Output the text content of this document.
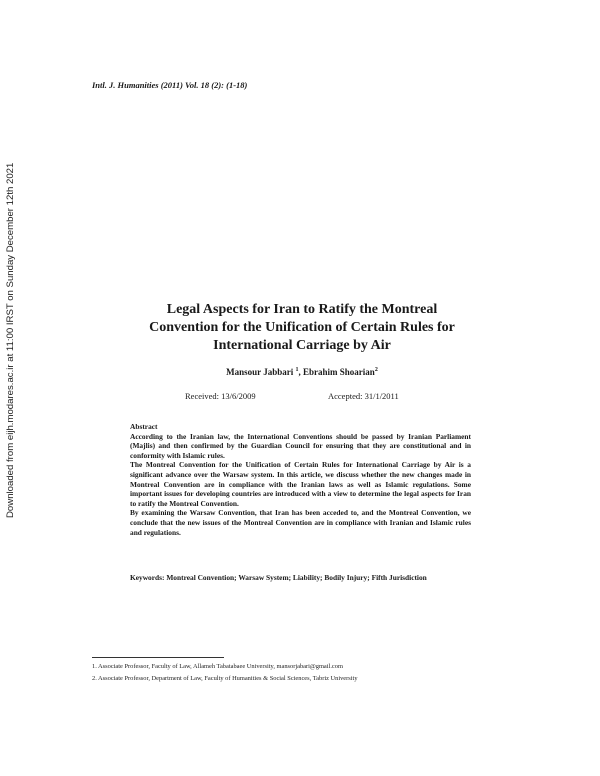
Intl. J. Humanities (2011) Vol. 18 (2): (1-18)
Downloaded from eijh.modares.ac.ir at 11:00 IRST on Sunday December 12th 2021	Legal Aspects for Iran to Ratify the Montreal
Convention for the Unification of Certain Rules for
International Carriage by Air
Mansour Jabbari $^1$, Ebrahim Shoarian$^2$
Received: 13/6/2009	Accepted: 31/1/2011
Abstract

According to the Iranian law, the International Conventions should be passed by Iranian Parliament (Majlis) and then confirmed by the Guardian Council for ensuring that they are constitutional and in conformity with Islamic rules.

The Montreal Convention for the Unification of Certain Rules for International Carriage by Air is a significant advance over the Warsaw system. In this article, we discuss whether the new changes made in Montreal Convention are in compliance with the Iranian laws as well as Islamic regulations. Some important issues for developing countries are introduced with a view to determine the legal aspects for Iran to ratify the Montreal Convention.

By examining the Warsaw Convention, that Iran has been acceded to, and the Montreal Convention, we conclude that the new issues of the Montreal Convention are in compliance with Iranian and Islamic rules and regulations.

Keywords: Montreal Convention; Warsaw System; Liability; Bodily Injury; Fifth Jurisdiction
1. Associate Professor, Faculty of Law, Allameh Tabatabaee University, mansorjabari@gmail.com
2. Associate Professor, Department of Law, Faculty of Humanities & Social Sciences, Tabriz University
